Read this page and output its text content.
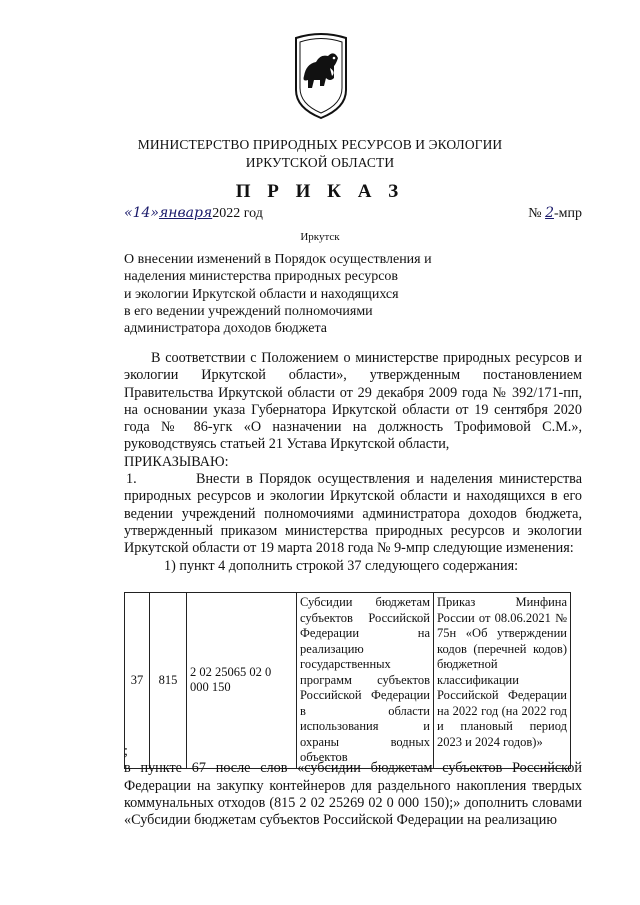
МИНИСТЕРСТВО ПРИРОДНЫХ РЕСУРСОВ И ЭКОЛОГИИ
ИРКУТСКОЙ ОБЛАСТИ
П Р И К А З
«14»января2022 год	№ 2-мпр
Иркутск
О внесении изменений в Порядок осуществления и
наделения министерства природных ресурсов
и экологии Иркутской области и находящихся
в его ведении учреждений полномочиями
администратора доходов бюджета

В соответствии с Положением о министерстве природных ресурсов и экологии Иркутской области», утвержденным постановлением Правительства Иркутской области от 29 декабря 2009 года № 392/171-пп, на основании указа Губернатора Иркутской области от 19 сентября 2020 года № 86-угк «О назначении на должность Трофимовой С.М.», руководствуясь статьей 21 Устава Иркутской области,

ПРИКАЗЫВАЮ:

1.	Внести в Порядок осуществления и наделения министерства природных ресурсов и экологии Иркутской области и находящихся в его ведении учреждений полномочиями администратора доходов бюджета, утвержденный приказом министерства природных ресурсов и экологии Иркутской области от 19 марта 2018 года № 9-мпр следующие изменения:

1) пункт 4 дополнить строкой 37 следующего содержания:

37	815	2 02 25065 02 0 000 150	Субсидии бюджетам субъектов Российской Федерации на реализацию государственных программ субъектов Российской Федерации в области использования и охраны водных объектов	Приказ Минфина России от 08.06.2021 № 75н «Об утверждении кодов (перечней кодов) бюджетной классификации Российской Федерации на 2022 год (на 2022 год и плановый период 2023 и 2024 годов)»

;

в пункте 67 после слов «субсидии бюджетам субъектов Российской Федерации на закупку контейнеров для раздельного накопления твердых коммунальных отходов (815 2 02 25269 02 0 000 150);» дополнить словами «Субсидии бюджетам субъектов Российской Федерации на реализацию
